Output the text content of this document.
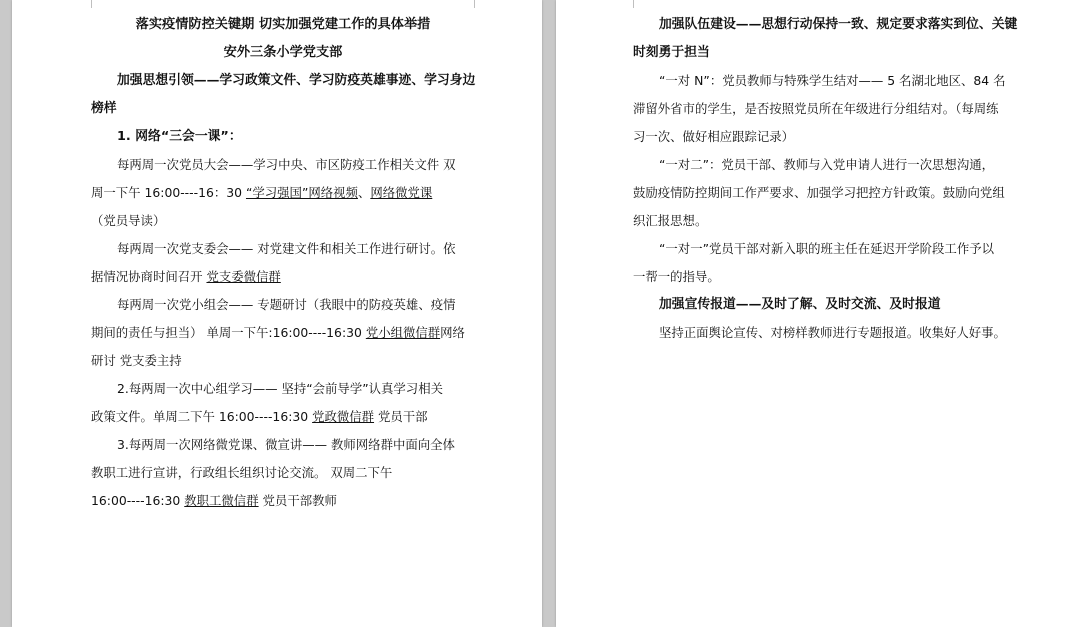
落实疫情防控关键期 切实加强党建工作的具体举措
安外三条小学党支部
加强思想引领——学习政策文件、学习防疫英雄事迹、学习身边
榜样
1. 网络“三会一课”：
每两周一次党员大会——学习中央、市区防疫工作相关文件 双
周一下午 16:00----16：30 “学习强国”网络视频、网络微党课
（党员导读）
每两周一次党支委会—— 对党建文件和相关工作进行研讨。依
据情况协商时间召开 党支委微信群
每两周一次党小组会—— 专题研讨（我眼中的防疫英雄、疫情
期间的责任与担当） 单周一下午:16:00----16:30 党小组微信群网络
研讨 党支委主持
2.每两周一次中心组学习—— 坚持“会前导学”认真学习相关
政策文件。单周二下午 16:00----16:30 党政微信群 党员干部
3.每两周一次网络微党课、微宣讲—— 教师网络群中面向全体
教职工进行宣讲，行政组长组织讨论交流。 双周二下午
16:00----16:30 教职工微信群 党员干部教师
加强队伍建设——思想行动保持一致、规定要求落实到位、关键
时刻勇于担当
“一对 N”：党员教师与特殊学生结对—— 5 名湖北地区、84 名
滞留外省市的学生，是否按照党员所在年级进行分组结对。（每周练
习一次、做好相应跟踪记录）
“一对二”：党员干部、教师与入党申请人进行一次思想沟通，
鼓励疫情防控期间工作严要求、加强学习把控方针政策。鼓励向党组
织汇报思想。
“一对一”党员干部对新入职的班主任在延迟开学阶段工作予以
一帮一的指导。
加强宣传报道——及时了解、及时交流、及时报道
坚持正面舆论宣传、对榜样教师进行专题报道。收集好人好事。
